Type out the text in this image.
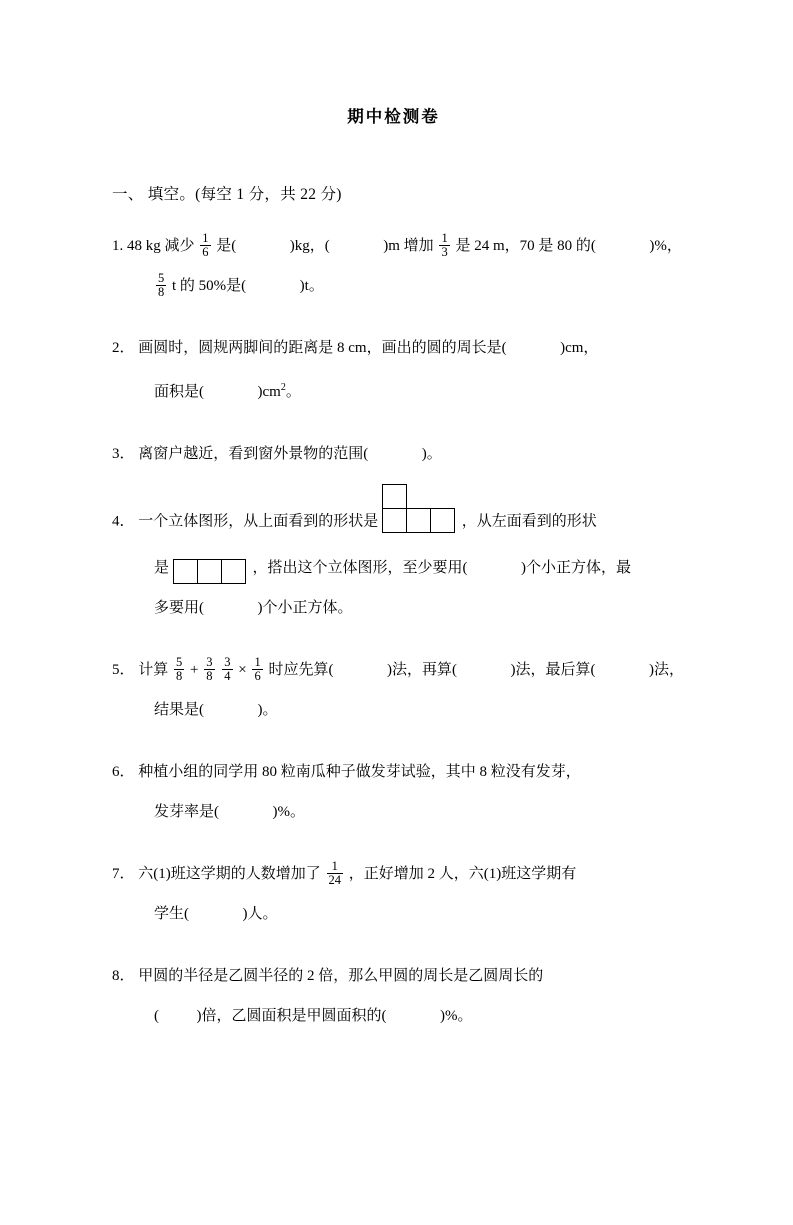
期中检测卷
一、 填空。(每空 1 分，共 22 分)
1. 48 kg 减少 $\frac{1}{6}$ 是(	)kg，(	)m 增加 $\frac{1}{3}$ 是 24 m，70 是 80 的(	)%，
$\frac{5}{8}$ t 的 50%是(	)t。
2． 画圆时，圆规两脚间的距离是 8 cm，画出的圆的周长是(	)cm，
面积是(	)$cm^2$。
3． 离窗户越近，看到窗外景物的范围(	)。
4． 一个立体图形，从上面看到的形状是	，从左面看到的形状
是	，搭出这个立体图形，至少要用(	)个小正方体，最
多要用(	)个小正方体。
5． 计算 $\frac{5}{8} + \frac{3}{8}$
$\frac{3}{4} \times \frac{1}{6}$ 时应先算(	)法，再算(	)法，最后算(	)法，
结果是(	)。
6． 种植小组的同学用 80 粒南瓜种子做发芽试验，其中 8 粒没有发芽，
发芽率是(	)%。
7． 六(1)班这学期的人数增加了 $\frac{1}{24}$ ，正好增加 2 人，六(1)班这学期有
学生(	)人。
8． 甲圆的半径是乙圆半径的 2 倍，那么甲圆的周长是乙圆周长的
(	)倍，乙圆面积是甲圆面积的(	)%。
